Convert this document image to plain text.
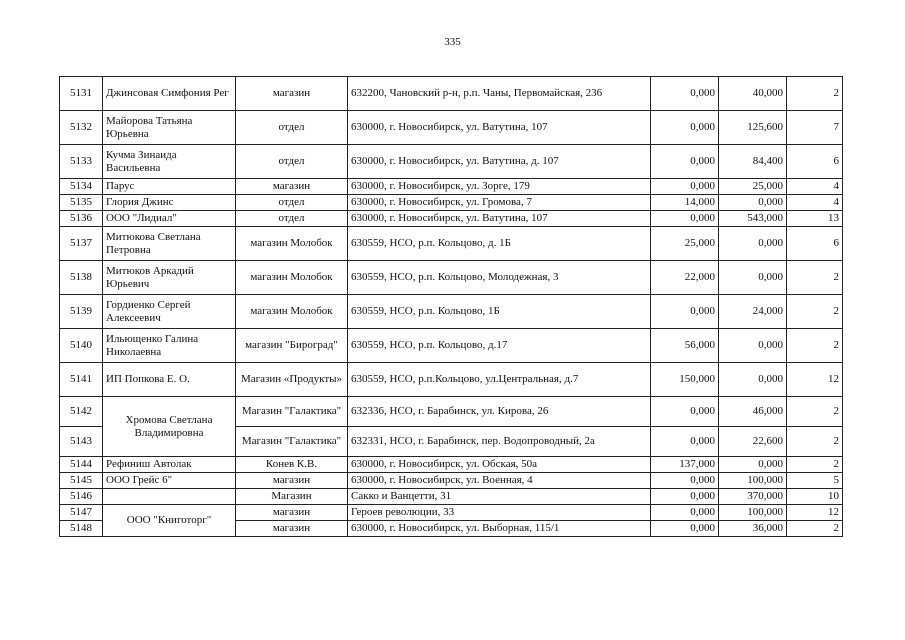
335
5131	Джинсовая Симфония Рег	магазин	632200, Чановский р-н, р.п. Чаны, Первомайская, 236	0,000	40,000	2
5132	Майорова Татьяна Юрьевна	отдел	630000, г. Новосибирск, ул. Ватутина, 107	0,000	125,600	7
5133	Кучма Зинаида Васильевна	отдел	630000, г. Новосибирск, ул. Ватутина, д. 107	0,000	84,400	6
5134	Парус	магазин	630000, г. Новосибирск, ул. Зорге, 179	0,000	25,000	4
5135	Глория Джинс	отдел	630000, г. Новосибирск, ул. Громова, 7	14,000	0,000	4
5136	ООО "Лидиал"	отдел	630000, г. Новосибирск, ул. Ватутина, 107	0,000	543,000	13
5137	Митюкова Светлана Петровна	магазин Молобок	630559, НСО, р.п. Кольцово, д. 1Б	25,000	0,000	6
5138	Митюков Аркадий Юрьевич	магазин Молобок	630559, НСО, р.п. Кольцово, Молодежная, 3	22,000	0,000	2
5139	Гордиенко Сергей Алексеевич	магазин Молобок	630559, НСО, р.п. Кольцово, 1Б	0,000	24,000	2
5140	Ильющенко Галина Николаевна	магазин "Бирoград"	630559, НСО, р.п. Кольцово, д.17	56,000	0,000	2
5141	ИП Попкова Е. О.	Магазин «Продукты»	630559, НСО, р.п.Кольцово, ул.Центральная, д.7	150,000	0,000	12
5142	Хромова Светлана Владимировна	Магазин "Галактика"	632336, НСО, г. Барабинск, ул. Кирова, 26	0,000	46,000	2
5143		Магазин "Галактика"	632331, НСО, г. Барабинск, пер. Водопроводный, 2а	0,000	22,600	2
5144	Рефиниш Автолак	Конев К.В.	630000, г. Новосибирск, ул. Обская, 50а	137,000	0,000	2
5145	ООО Грейс 6"	магазин	630000, г. Новосибирск, ул. Военная, 4	0,000	100,000	5
5146		Магазин	Сакко и Ванцетти, 31	0,000	370,000	10
5147	ООО "Книготорг"	магазин	Героев революции, 33	0,000	100,000	12
5148		магазин	630000, г. Новосибирск, ул. Выборная, 115/1	0,000	36,000	2
